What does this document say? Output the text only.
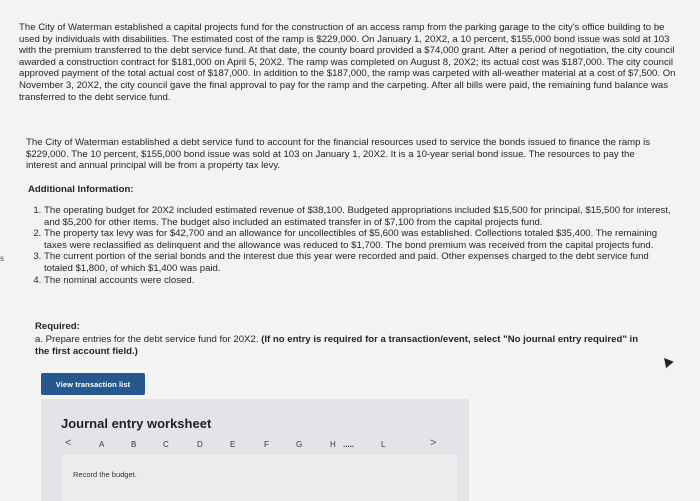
The City of Waterman established a capital projects fund for the construction of an access ramp from the parking garage to the city's office building to be used by individuals with disabilities. The estimated cost of the ramp is $229,000. On January 1, 20X2, a 10 percent, $155,000 bond issue was sold at 103 with the premium transferred to the debt service fund. At that date, the county board provided a $74,000 grant. After a period of negotiation, the city council awarded a construction contract for $181,000 on April 5, 20X2. The ramp was completed on August 8, 20X2; its actual cost was $187,000. The city council approved payment of the total actual cost of $187,000. In addition to the $187,000, the ramp was carpeted with all-weather material at a cost of $7,500. On November 3, 20X2, the city council gave the final approval to pay for the ramp and the carpeting. After all bills were paid, the remaining fund balance was transferred to the debt service fund.

The City of Waterman established a debt service fund to account for the financial resources used to service the bonds issued to finance the ramp is $229,000. The 10 percent, $155,000 bond issue was sold at 103 on January 1, 20X2. It is a 10-year serial bond issue. The resources to pay the interest and annual principal will be from a property tax levy.

Additional Information:
1. The operating budget for 20X2 included estimated revenue of $38,100. Budgeted appropriations included $15,500 for principal, $15,500 for interest, and $5,200 for other items. The budget also included an estimated transfer in of $7,100 from the capital projects fund.
2. The property tax levy was for $42,700 and an allowance for uncollectibles of $5,600 was established. Collections totaled $35,400. The remaining taxes were reclassified as delinquent and the allowance was reduced to $1,700. The bond premium was received from the capital projects fund.
3. The current portion of the serial bonds and the interest due this year were recorded and paid. Other expenses charged to the debt service fund totaled $1,800, of which $1,400 was paid.
4. The nominal accounts were closed.
s
Required:
a. Prepare entries for the debt service fund for 20X2. (If no entry is required for a transaction/event, select "No journal entry required" in the first account field.)
View transaction list
Journal entry worksheet
<	A	B	C	D	E	F	G	H .....	L	>
Record the budget.
